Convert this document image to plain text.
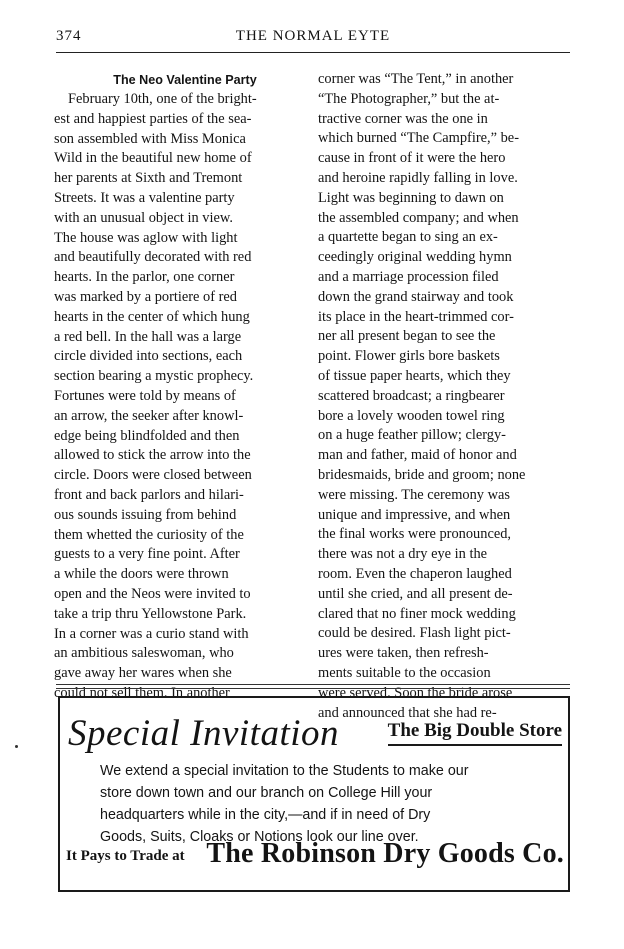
374	THE NORMAL EYTE
The Neo Valentine Party
February 10th, one of the bright-
est and happiest parties of the sea-
son assembled with Miss Monica
Wild in the beautiful new home of
her parents at Sixth and Tremont
Streets. It was a valentine party
with an unusual object in view.
The house was aglow with light
and beautifully decorated with red
hearts. In the parlor, one corner
was marked by a portiere of red
hearts in the center of which hung
a red bell. In the hall was a large
circle divided into sections, each
section bearing a mystic prophecy.
Fortunes were told by means of
an arrow, the seeker after knowl-
edge being blindfolded and then
allowed to stick the arrow into the
circle. Doors were closed between
front and back parlors and hilari-
ous sounds issuing from behind
them whetted the curiosity of the
guests to a very fine point. After
a while the doors were thrown
open and the Neos were invited to
take a trip thru Yellowstone Park.
In a corner was a curio stand with
an ambitious saleswoman, who
gave away her wares when she
could not sell them. In another
corner was “The Tent,” in another
“The Photographer,” but the at-
tractive corner was the one in
which burned “The Campfire,” be-
cause in front of it were the hero
and heroine rapidly falling in love.
Light was beginning to dawn on
the assembled company; and when
a quartette began to sing an ex-
ceedingly original wedding hymn
and a marriage procession filed
down the grand stairway and took
its place in the heart-trimmed cor-
ner all present began to see the
point. Flower girls bore baskets
of tissue paper hearts, which they
scattered broadcast; a ringbearer
bore a lovely wooden towel ring
on a huge feather pillow; clergy-
man and father, maid of honor and
bridesmaids, bride and groom; none
were missing. The ceremony was
unique and impressive, and when
the final works were pronounced,
there was not a dry eye in the
room. Even the chaperon laughed
until she cried, and all present de-
clared that no finer mock wedding
could be desired. Flash light pict-
ures were taken, then refresh-
ments suitable to the occasion
were served. Soon the bride arose
and announced that she had re-
Special Invitation	The Big Double Store
We extend a special invitation to the Students to make our
store down town and our branch on College Hill your
headquarters while in the city,—and if in need of Dry
Goods, Suits, Cloaks or Notions look our line over.
It Pays to Trade at The Robinson Dry Goods Co.
